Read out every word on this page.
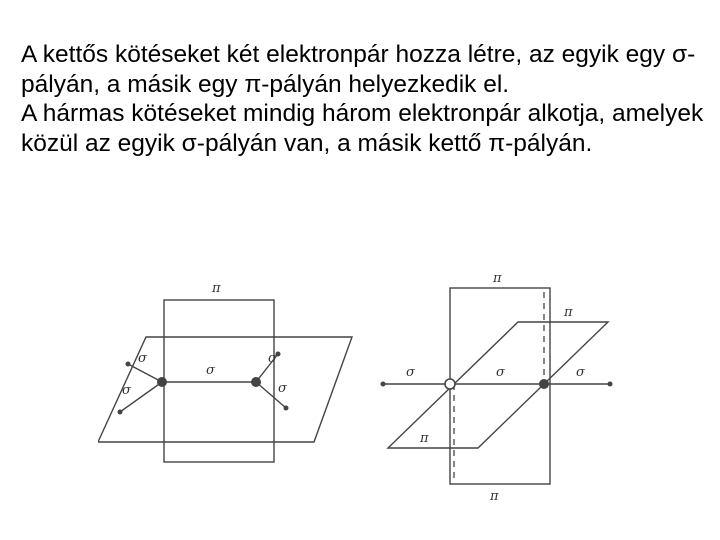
A kettős kötéseket két elektronpár hozza létre, az egyik egy σ-pályán, a másik egy π-pályán helyezkedik el.

A hármas kötéseket mindig három elektronpár alkotja, amelyek közül az egyik σ-pályán van, a másik kettő π-pályán.

π
σ
σ
σ
σ
σ
π
π
π
π
σ	σ	σ
